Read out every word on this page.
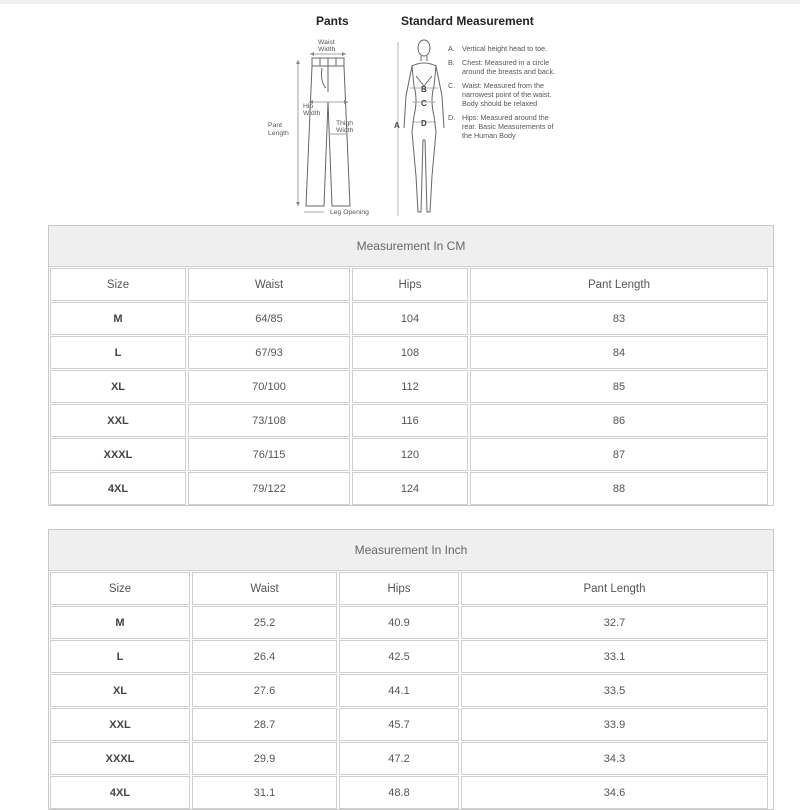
Pants	Standard Measurement
Waist
Width
Hip
Width
Thigh
Width
Pant
Length
Leg Opening
A
B
C
D
A.	Vertical height head to toe.
B.	Chest: Measured in a circle around the breasts and back.
C. Waist: Measured from the narrowest point of the waist. Body should be relaxed
D. Hips: Measured around the rear. Basic Measurements of the Human Body
Measurement In CM
Size	Waist	Hips	Pant Length
M	64/85	104	83
L	67/93	108	84
XL	70/100	112	85
XXL	73/108	116	86
XXXL	76/115	120	87
4XL	79/122	124	88
Measurement In Inch
Size	Waist	Hips	Pant Length
M	25.2	40.9	32.7
L	26.4	42.5	33.1
XL	27.6	44.1	33.5
XXL	28.7	45.7	33.9
XXXL	29.9	47.2	34.3
4XL	31.1	48.8	34.6
